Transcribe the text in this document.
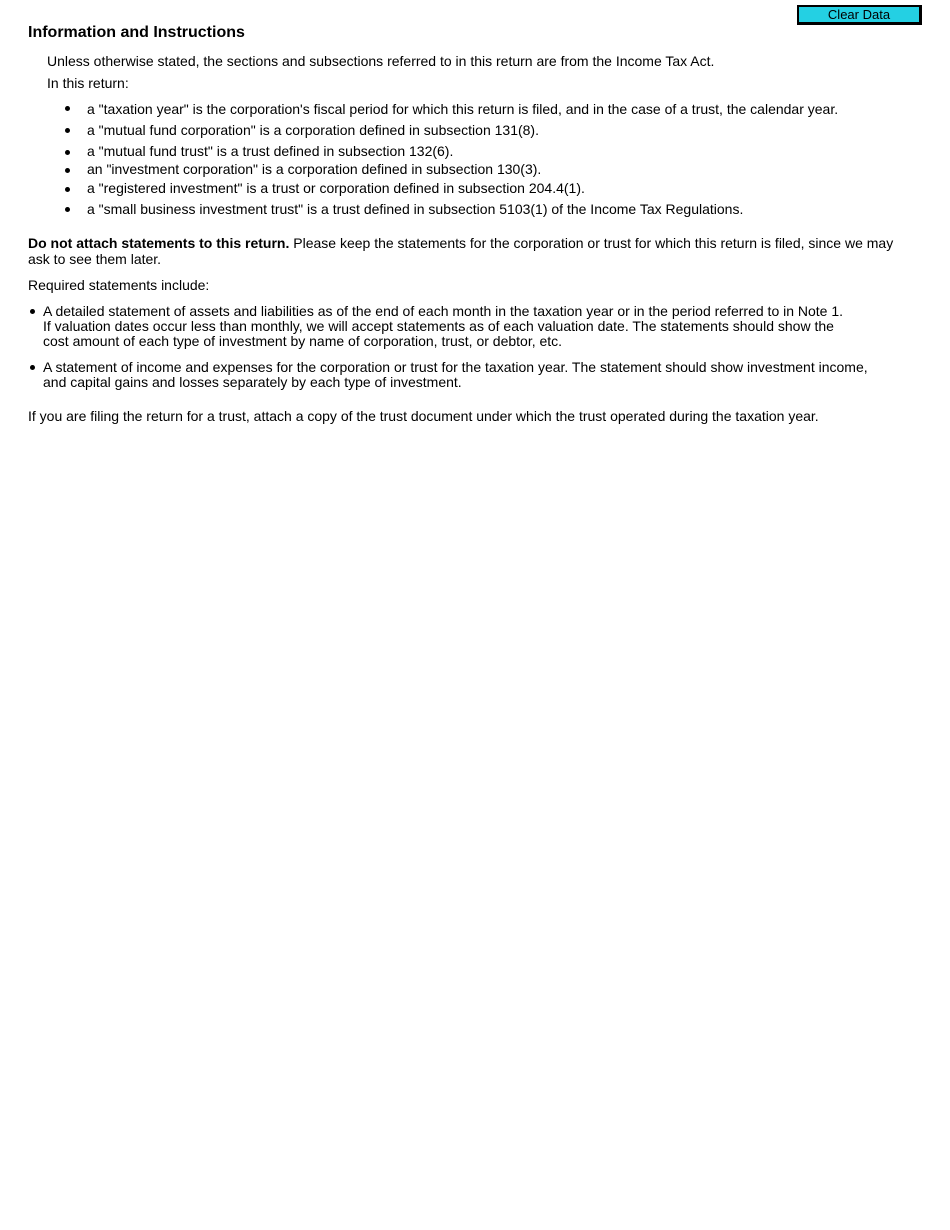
Clear Data
Information and Instructions

Unless otherwise stated, the sections and subsections referred to in this return are from the Income Tax Act.

In this return:

a "taxation year" is the corporation's fiscal period for which this return is filed, and in the case of a trust, the calendar year.
a "mutual fund corporation" is a corporation defined in subsection 131(8).
a "mutual fund trust" is a trust defined in subsection 132(6).
an "investment corporation" is a corporation defined in subsection 130(3).
a "registered investment" is a trust or corporation defined in subsection 204.4(1).
a "small business investment trust" is a trust defined in subsection 5103(1) of the Income Tax Regulations.

Do not attach statements to this return. Please keep the statements for the corporation or trust for which this return is filed, since we may ask to see them later.

Required statements include:

A detailed statement of assets and liabilities as of the end of each month in the taxation year or in the period referred to in Note 1.
If valuation dates occur less than monthly, we will accept statements as of each valuation date. The statements should show the
cost amount of each type of investment by name of corporation, trust, or debtor, etc.
A statement of income and expenses for the corporation or trust for the taxation year. The statement should show investment income,
and capital gains and losses separately by each type of investment.

If you are filing the return for a trust, attach a copy of the trust document under which the trust operated during the taxation year.
